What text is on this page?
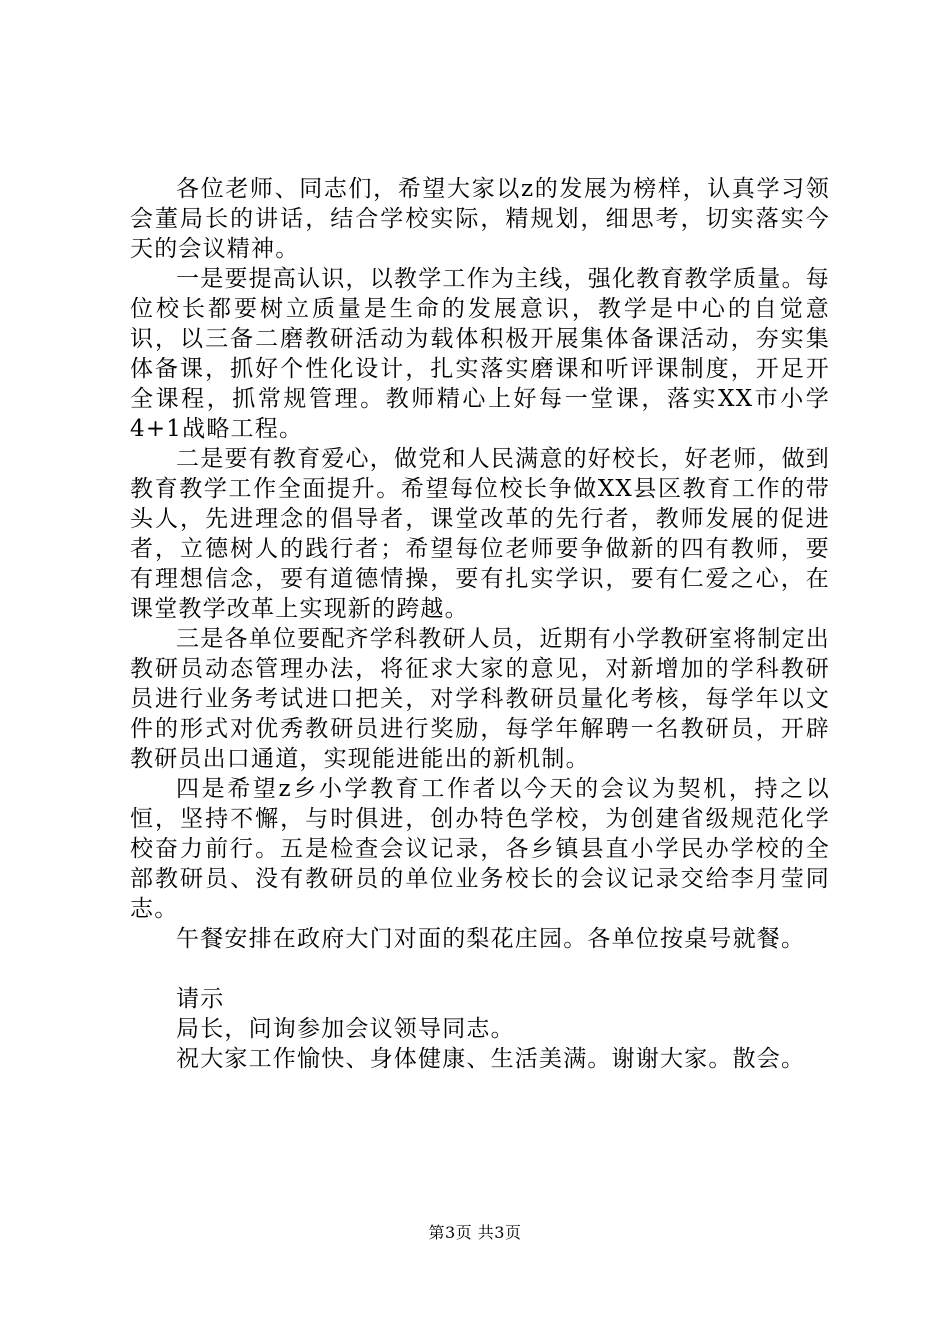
各位老师、同志们，希望大家以z的发展为榜样，认真学习领会董局长的讲话，结合学校实际，精规划，细思考，切实落实今天的会议精神。

一是要提高认识，以教学工作为主线，强化教育教学质量。每位校长都要树立质量是生命的发展意识，教学是中心的自觉意识，以三备二磨教研活动为载体积极开展集体备课活动，夯实集体备课，抓好个性化设计，扎实落实磨课和听评课制度，开足开全课程，抓常规管理。教师精心上好每一堂课，落实XX市小学4+1战略工程。

二是要有教育爱心，做党和人民满意的好校长，好老师，做到教育教学工作全面提升。希望每位校长争做XX县区教育工作的带头人，先进理念的倡导者，课堂改革的先行者，教师发展的促进者，立德树人的践行者；希望每位老师要争做新的四有教师，要有理想信念，要有道德情操，要有扎实学识，要有仁爱之心，在课堂教学改革上实现新的跨越。

三是各单位要配齐学科教研人员，近期有小学教研室将制定出教研员动态管理办法，将征求大家的意见，对新增加的学科教研员进行业务考试进口把关，对学科教研员量化考核，每学年以文件的形式对优秀教研员进行奖励，每学年解聘一名教研员，开辟教研员出口通道，实现能进能出的新机制。

四是希望z乡小学教育工作者以今天的会议为契机，持之以恒，坚持不懈，与时俱进，创办特色学校，为创建省级规范化学校奋力前行。五是检查会议记录，各乡镇县直小学民办学校的全部教研员、没有教研员的单位业务校长的会议记录交给李月莹同志。

午餐安排在政府大门对面的梨花庄园。各单位按桌号就餐。

请示

局长，问询参加会议领导同志。

祝大家工作愉快、身体健康、生活美满。谢谢大家。散会。

第3页 共3页
